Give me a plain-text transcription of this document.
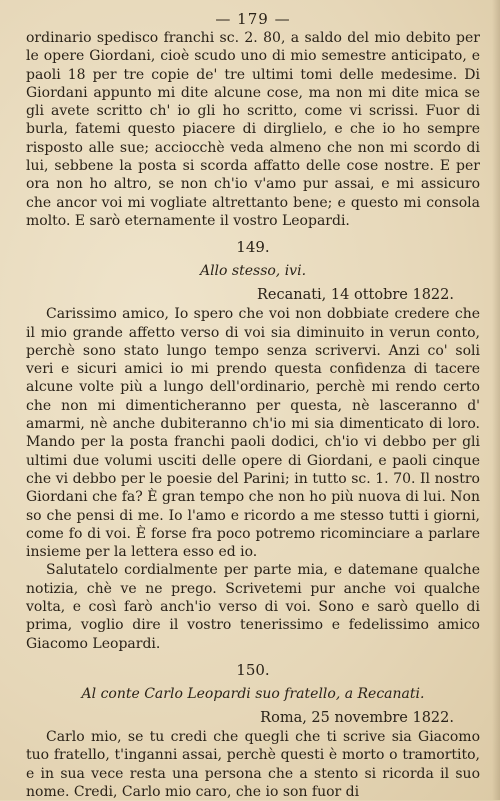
— 179 —

ordinario spedisco franchi sc. 2. 80, a saldo del mio debito per le opere Giordani, cioè scudo uno di mio semestre anticipato, e paoli 18 per tre copie de' tre ultimi tomi delle medesime. Di Giordani appunto mi dite alcune cose, ma non mi dite mica se gli avete scritto ch' io gli ho scritto, come vi scrissi. Fuor di burla, fatemi questo piacere di dirglielo, e che io ho sempre risposto alle sue; acciocchè veda almeno che non mi scordo di lui, sebbene la posta si scorda affatto delle cose nostre. E per ora non ho altro, se non ch'io v'amo pur assai, e mi assicuro che ancor voi mi vogliate altrettanto bene; e questo mi consola molto. E sarò eternamente il vostro Leopardi.

149.
Allo stesso, ivi.
Recanati, 14 ottobre 1822.

Carissimo amico, Io spero che voi non dobbiate credere che il mio grande affetto verso di voi sia diminuito in verun conto, perchè sono stato lungo tempo senza scrivervi. Anzi co' soli veri e sicuri amici io mi prendo questa confidenza di tacere alcune volte più a lungo dell'ordinario, perchè mi rendo certo che non mi dimenticheranno per questa, nè lasceranno d' amarmi, nè anche dubiteranno ch'io mi sia dimenticato di loro. Mando per la posta franchi paoli dodici, ch'io vi debbo per gli ultimi due volumi usciti delle opere di Giordani, e paoli cinque che vi debbo per le poesie del Parini; in tutto sc. 1. 70. Il nostro Giordani che fa? È gran tempo che non ho più nuova di lui. Non so che pensi di me. Io l'amo e ricordo a me stesso tutti i giorni, come fo di voi. È forse fra poco potremo ricominciare a parlare insieme per la lettera esso ed io.

Salutatelo cordialmente per parte mia, e datemane qualche notizia, chè ve ne prego. Scrivetemi pur anche voi qualche volta, e così farò anch'io verso di voi. Sono e sarò quello di prima, voglio dire il vostro tenerissimo e fedelissimo amico Giacomo Leopardi.

150.
Al conte Carlo Leopardi suo fratello, a Recanati.
Roma, 25 novembre 1822.

Carlo mio, se tu credi che quegli che ti scrive sia Giacomo tuo fratello, t'inganni assai, perchè questi è morto o tramortito, e in sua vece resta una persona che a stento si ricorda il suo nome. Credi, Carlo mio caro, che io son fuor di
